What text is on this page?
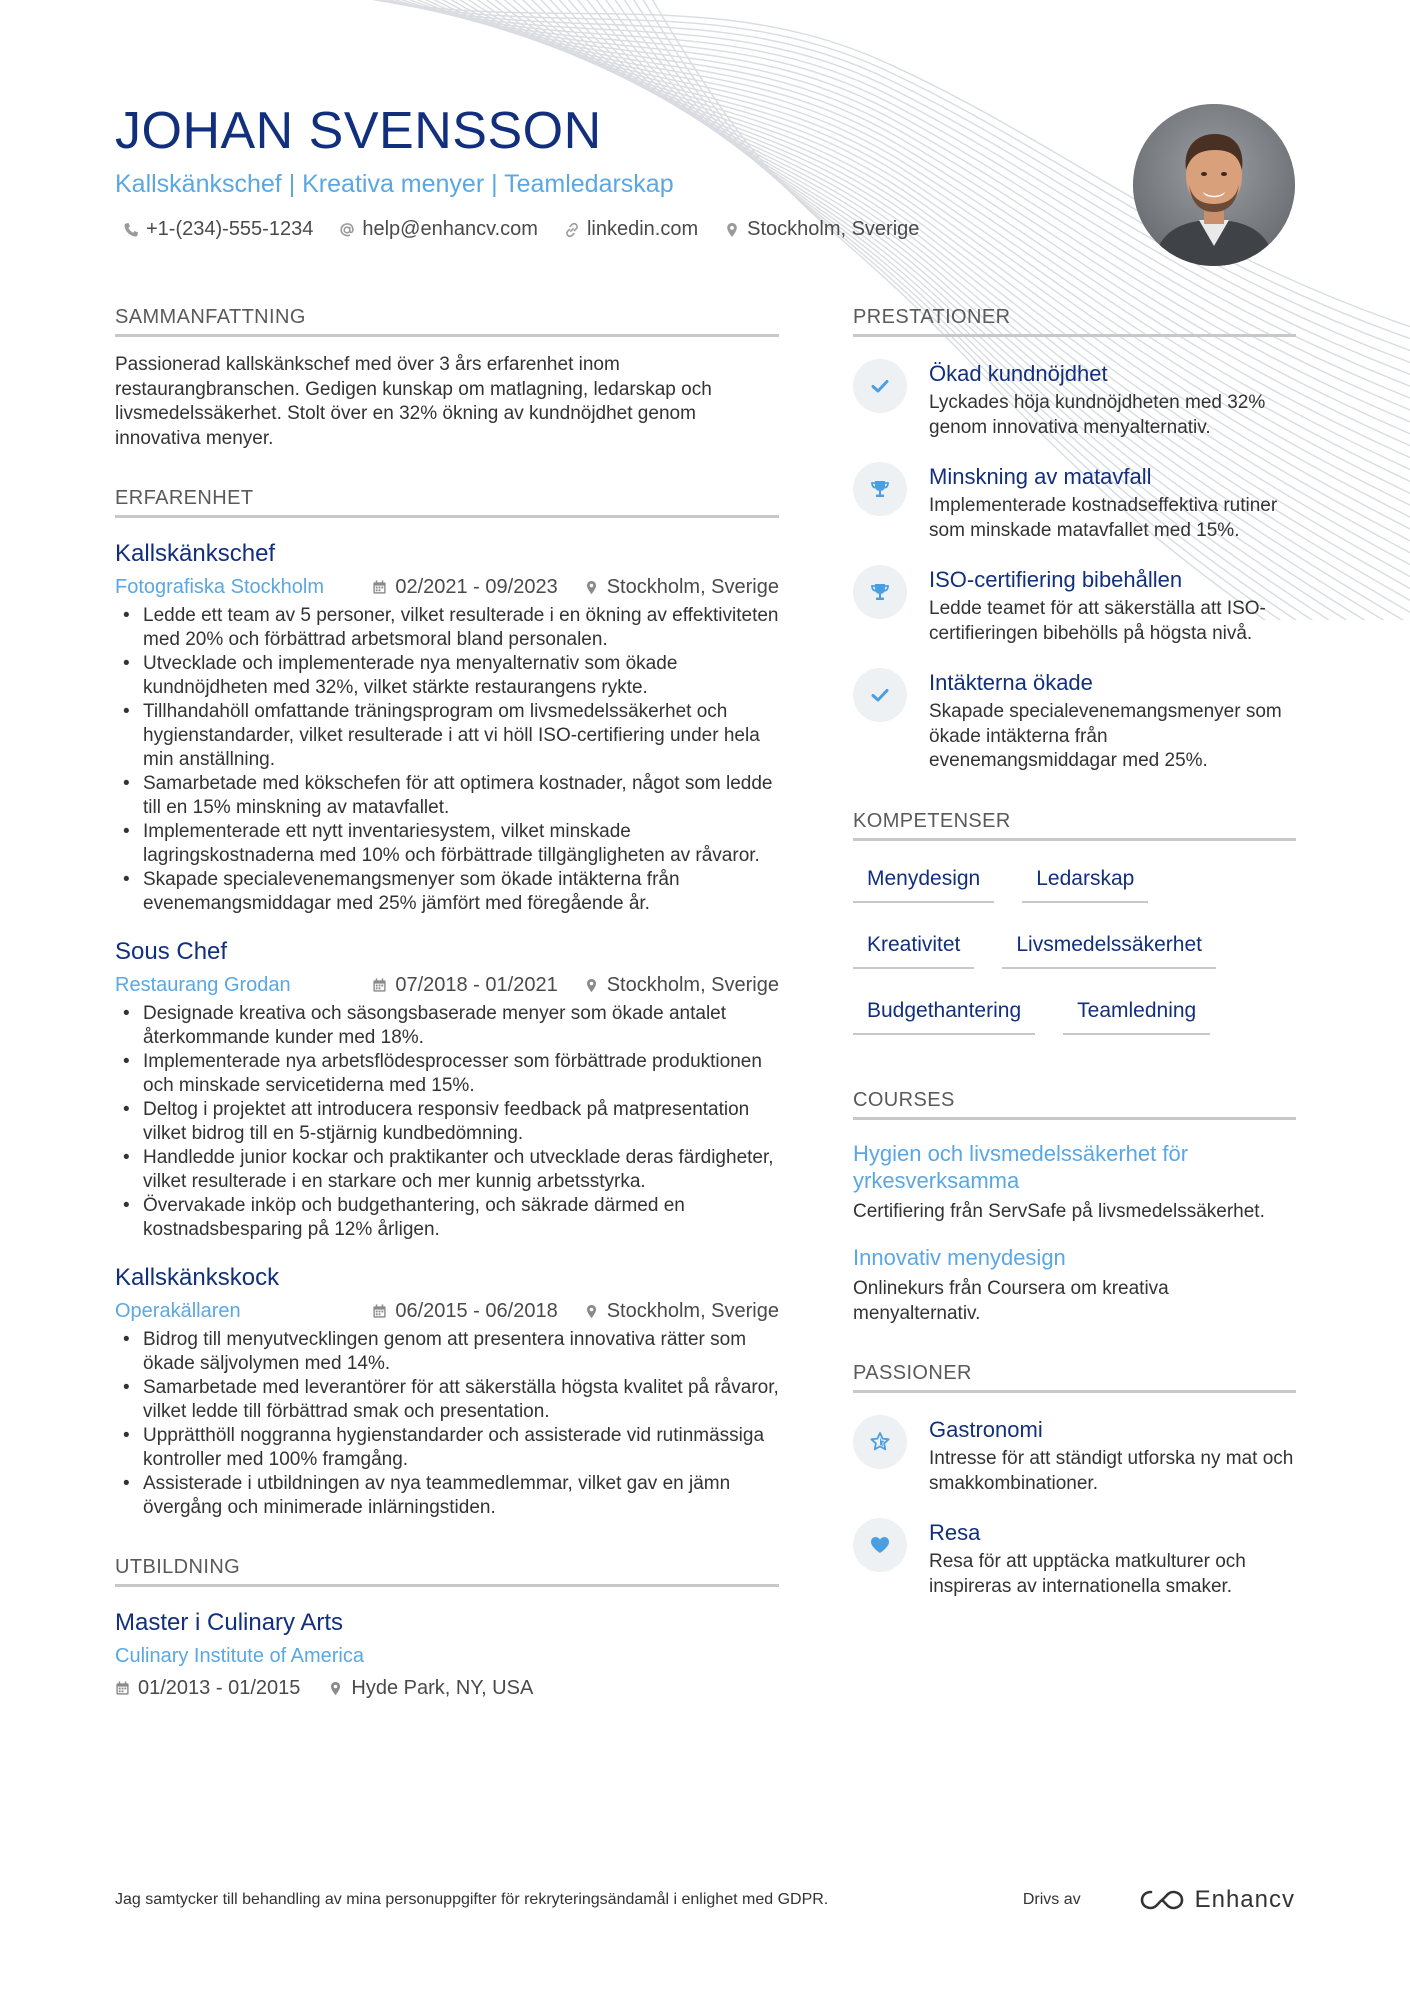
JOHAN SVENSSON
Kallskänkschef | Kreativa menyer | Teamledarskap
+1-(234)-555-1234 help@enhancv.com linkedin.com Stockholm, Sverige
SAMMANFATTNING

Passionerad kallskänkschef med över 3 års erfarenhet inom restaurangbranschen. Gedigen kunskap om matlagning, ledarskap och livsmedelssäkerhet. Stolt över en 32% ökning av kundnöjdhet genom innovativa menyer.

ERFARENHET
Kallskänkschef
Fotografiska Stockholm	02/2021 - 09/2023 Stockholm, Sverige
• Ledde ett team av 5 personer, vilket resulterade i en ökning av effektiviteten med 20% och förbättrad arbetsmoral bland personalen.
• Utvecklade och implementerade nya menyalternativ som ökade kundnöjdheten med 32%, vilket stärkte restaurangens rykte.
• Tillhandahöll omfattande träningsprogram om livsmedelssäkerhet och hygienstandarder, vilket resulterade i att vi höll ISO-certifiering under hela min anställning.
• Samarbetade med kökschefen för att optimera kostnader, något som ledde till en 15% minskning av matavfallet.
• Implementerade ett nytt inventariesystem, vilket minskade lagringskostnaderna med 10% och förbättrade tillgängligheten av råvaror.
• Skapade specialevenemangsmenyer som ökade intäkterna från evenemangsmiddagar med 25% jämfört med föregående år.
Sous Chef
Restaurang Grodan	07/2018 - 01/2021 Stockholm, Sverige
• Designade kreativa och säsongsbaserade menyer som ökade antalet återkommande kunder med 18%.
• Implementerade nya arbetsflödesprocesser som förbättrade produktionen och minskade servicetiderna med 15%.
• Deltog i projektet att introducera responsiv feedback på matpresentation vilket bidrog till en 5-stjärnig kundbedömning.
• Handledde junior kockar och praktikanter och utvecklade deras färdigheter, vilket resulterade i en starkare och mer kunnig arbetsstyrka.
• Övervakade inköp och budgethantering, och säkrade därmed en kostnadsbesparing på 12% årligen.
Kallskänkskock
Operakällaren	06/2015 - 06/2018 Stockholm, Sverige
• Bidrog till menyutvecklingen genom att presentera innovativa rätter som ökade säljvolymen med 14%.
• Samarbetade med leverantörer för att säkerställa högsta kvalitet på råvaror, vilket ledde till förbättrad smak och presentation.
• Upprätthöll noggranna hygienstandarder och assisterade vid rutinmässiga kontroller med 100% framgång.
• Assisterade i utbildningen av nya teammedlemmar, vilket gav en jämn övergång och minimerade inlärningstiden.
UTBILDNING
Master i Culinary Arts
Culinary Institute of America
01/2013 - 01/2015	Hyde Park, NY, USA
PRESTATIONER
Ökad kundnöjdhet
Lyckades höja kundnöjdheten med 32% genom innovativa menyalternativ.
Minskning av matavfall
Implementerade kostnadseffektiva rutiner som minskade matavfallet med 15%.
ISO-certifiering bibehållen
Ledde teamet för att säkerställa att ISO-certifieringen bibehölls på högsta nivå.
Intäkterna ökade
Skapade specialevenemangsmenyer som ökade intäkterna från evenemangsmiddagar med 25%.
KOMPETENSER
Menydesign	Ledarskap
Kreativitet	Livsmedelssäkerhet
Budgethantering	Teamledning
COURSES
Hygien och livsmedelssäkerhet för yrkesverksamma
Certifiering från ServSafe på livsmedelssäkerhet.
Innovativ menydesign
Onlinekurs från Coursera om kreativa menyalternativ.
PASSIONER
Gastronomi
Intresse för att ständigt utforska ny mat och smakkombinationer.
Resa
Resa för att upptäcka matkulturer och inspireras av internationella smaker.
Jag samtycker till behandling av mina personuppgifter för rekryteringsändamål i enlighet med GDPR.	Drivs av	Enhancv
